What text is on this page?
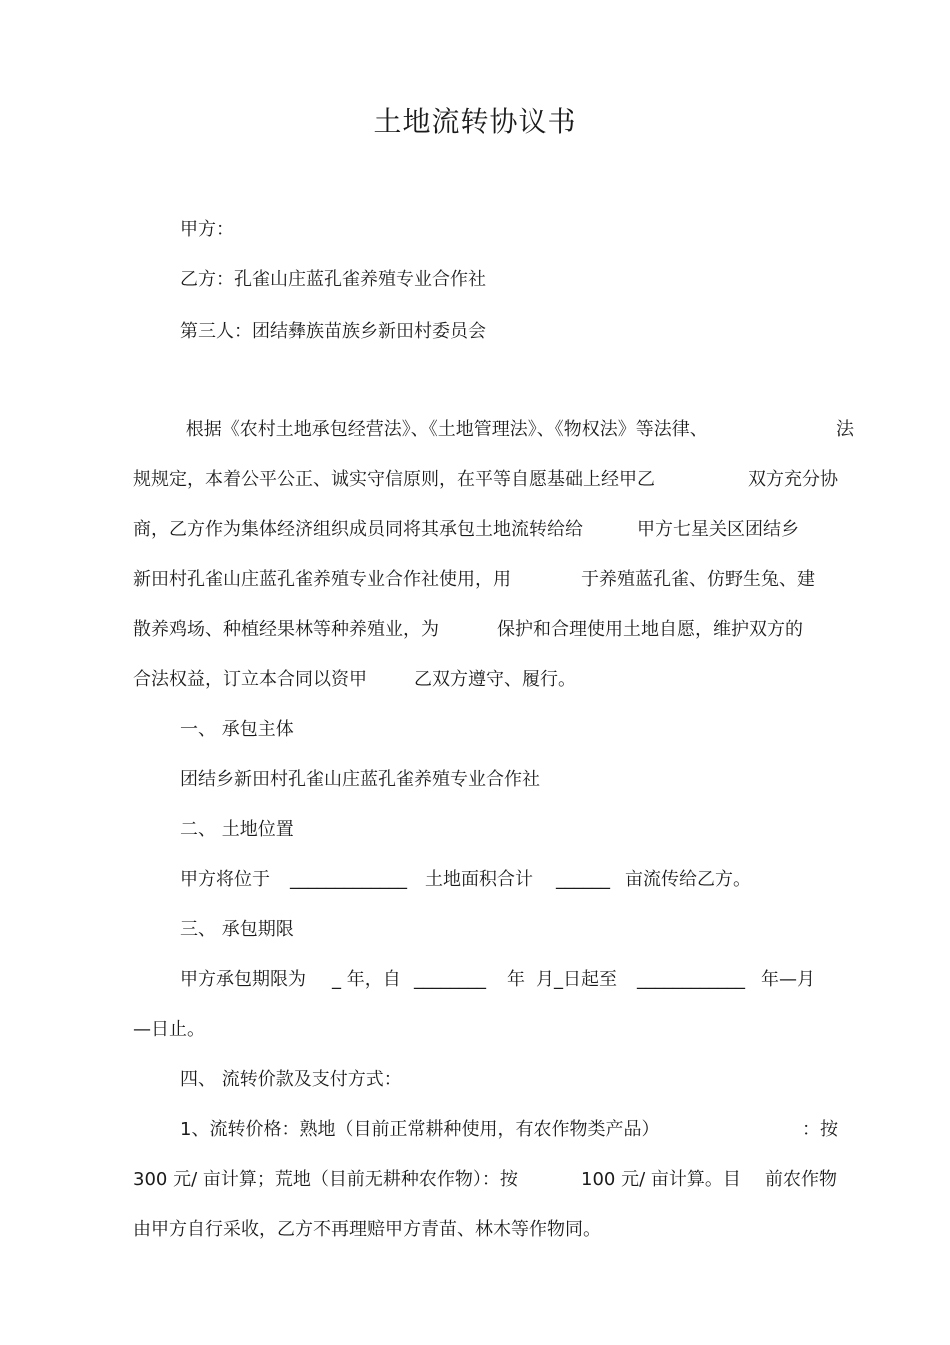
土地流转协议书
甲方：
乙方：孔雀山庄蓝孔雀养殖专业合作社
第三人：团结彝族苗族乡新田村委员会
根据《农村土地承包经营法》、《土地管理法》、《物权法》等法律、	法
规规定，本着公平公正、诚实守信原则，在平等自愿基础上经甲乙	双方充分协
商，乙方作为集体经济组织成员同将其承包土地流转给给	甲方七星关区团结乡
新田村孔雀山庄蓝孔雀养殖专业合作社使用，用	于养殖蓝孔雀、仿野生兔、建
散养鸡场、种植经果林等种养殖业，为	保护和合理使用土地自愿，维护双方的
合法权益，订立本合同以资甲	乙双方遵守、履行。
一、 承包主体
团结乡新田村孔雀山庄蓝孔雀养殖专业合作社
二、 土地位置
甲方将位于 _____________ 土地面积合计 ______ 亩流传给乙方。
三、 承包期限
甲方承包期限为 _ 年，自 ________ 年 月_日起至 ____________ 年—月
—日止。
四、 流转价款及支付方式：
1、流转价格：熟地（目前正常耕种使用，有农作物类产品）	：按
300 元/ 亩计算；荒地（目前无耕种农作物）：按	100 元/ 亩计算。目 前农作物
由甲方自行采收，乙方不再理赔甲方青苗、林木等作物同。
